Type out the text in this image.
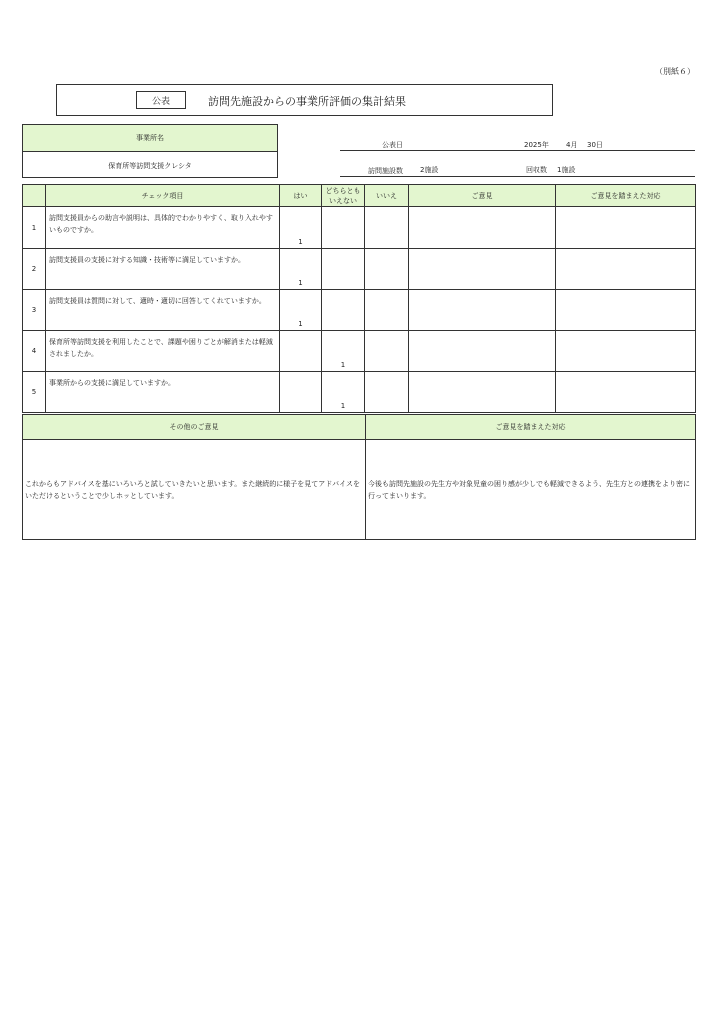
（別紙６）
公表	訪問先施設からの事業所評価の集計結果
事業所名
保育所等訪問支援クレシタ
公表日	2025年 4月 30日
訪問施設数 2施設	回収数 1施設
	チェック項目	はい	どちらとも
いえない	いいえ	ご意見	ご意見を踏まえた対応
1	訪問支援員からの助言や説明は、具体的でわかりやすく、取り入れやすいものですか。	1				
2	訪問支援員の支援に対する知識・技術等に満足していますか。	1				
3	訪問支援員は質問に対して、適時・適切に回答してくれていますか。	1				
4	保育所等訪問支援を利用したことで、課題や困りごとが解消または軽減されましたか。		1			
5	事業所からの支援に満足していますか。		1			
その他のご意見	ご意見を踏まえた対応
これからもアドバイスを基にいろいろと試していきたいと思います。また継続的に様子を見てアドバイスをいただけるということで少しホッとしています。	今後も訪問先施設の先生方や対象児童の困り感が少しでも軽減できるよう、先生方との連携をより密に行ってまいります。
